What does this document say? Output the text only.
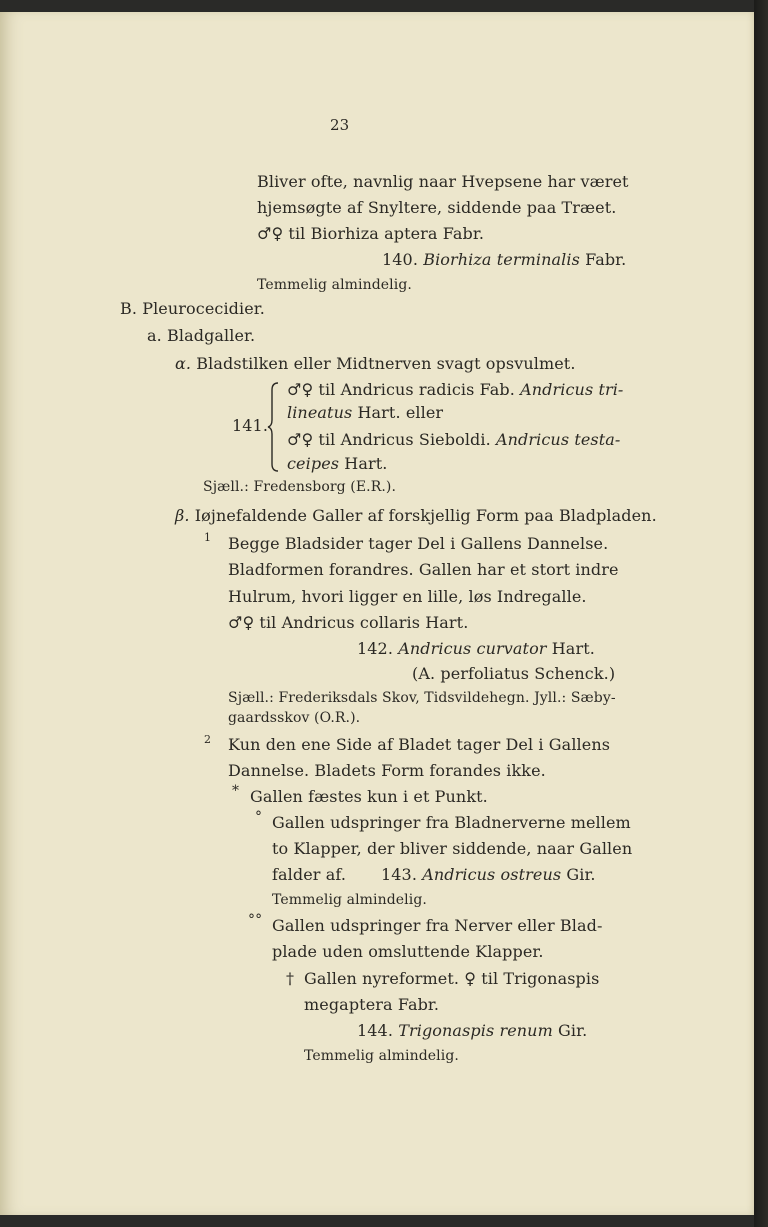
23
Bliver ofte, navnlig naar Hvepsene har været
hjemsøgte af Snyltere, siddende paa Træet.
♂♀ til Biorhiza aptera Fabr.
140. Biorhiza terminalis Fabr.
Temmelig almindelig.
B. Pleurocecidier.
a. Bladgaller.
α. Bladstilken eller Midtnerven svagt opsvulmet.
141.
♂♀ til Andricus radicis Fab. Andricus tri-
lineatus Hart. eller
♂♀ til Andricus Sieboldi. Andricus testa-
ceipes Hart.
Sjæll.: Fredensborg (E.R.).
β. Iøjnefaldende Galler af forskjellig Form paa Bladpladen.
1 Begge Bladsider tager Del i Gallens Dannelse.
Bladformen forandres. Gallen har et stort indre
Hulrum, hvori ligger en lille, løs Indregalle.
♂♀ til Andricus collaris Hart.
142. Andricus curvator Hart.
(A. perfoliatus Schenck.)
Sjæll.: Frederiksdals Skov, Tidsvildehegn. Jyll.: Sæby-
gaardsskov (O.R.).
2 Kun den ene Side af Bladet tager Del i Gallens
Dannelse. Bladets Form forandes ikke.
* Gallen fæstes kun i et Punkt.
° Gallen udspringer fra Bladnerverne mellem
to Klapper, der bliver siddende, naar Gallen
falder af. 143. Andricus ostreus Gir.
Temmelig almindelig.
°° Gallen udspringer fra Nerver eller Blad-
plade uden omsluttende Klapper.
† Gallen nyreformet. ♀ til Trigonaspis
megaptera Fabr.
144. Trigonaspis renum Gir.
Temmelig almindelig.
